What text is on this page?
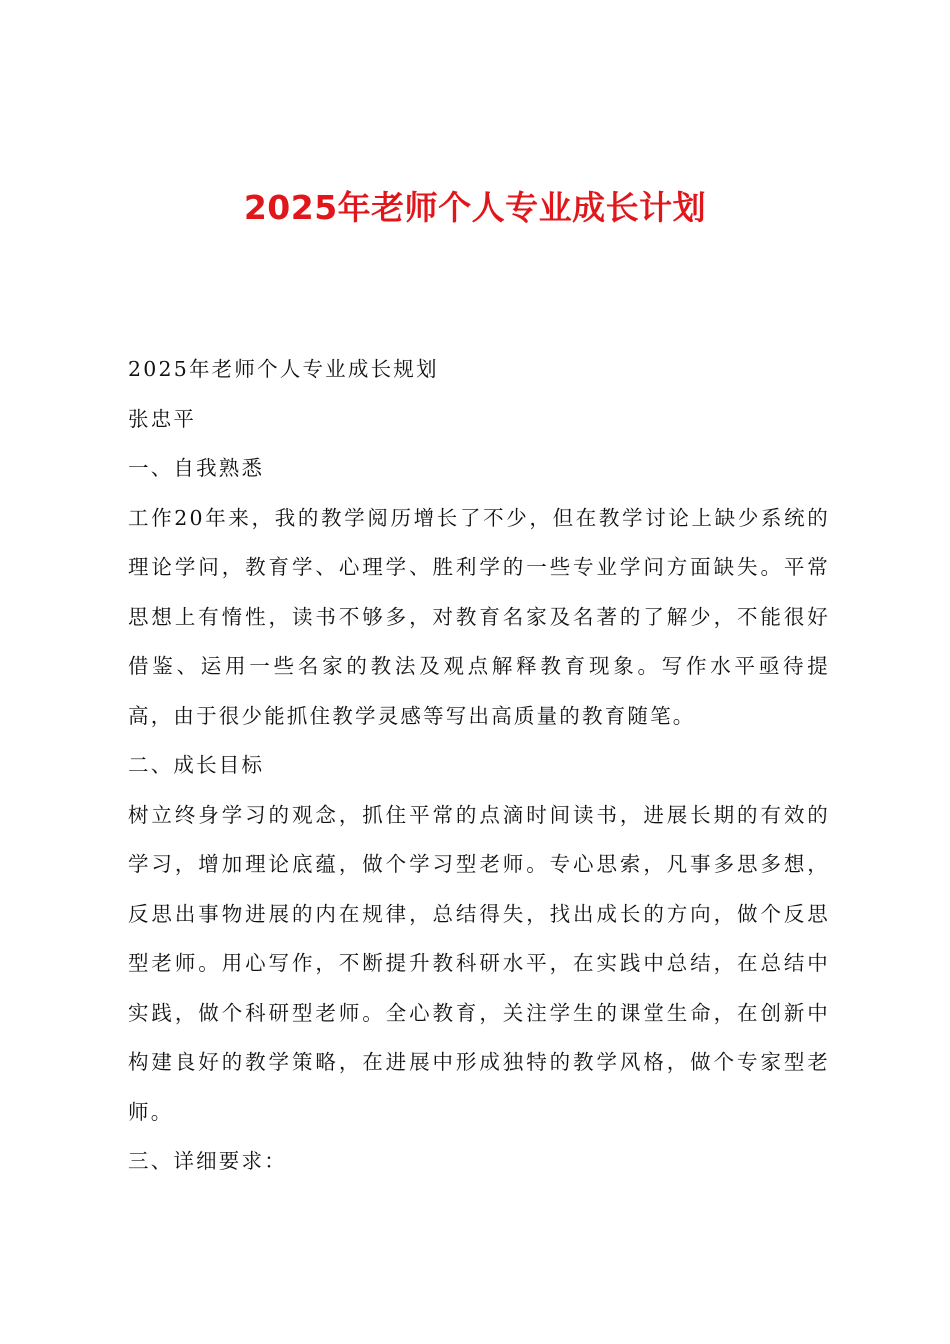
2025年老师个人专业成长计划

2025年老师个人专业成长规划

张忠平

一、自我熟悉

工作20年来，我的教学阅历增长了不少，但在教学讨论上缺少系统的理论学问，教育学、心理学、胜利学的一些专业学问方面缺失。平常思想上有惰性，读书不够多，对教育名家及名著的了解少，不能很好借鉴、运用一些名家的教法及观点解释教育现象。写作水平亟待提高，由于很少能抓住教学灵感等写出高质量的教育随笔。

二、成长目标

树立终身学习的观念，抓住平常的点滴时间读书，进展长期的有效的学习，增加理论底蕴，做个学习型老师。专心思索，凡事多思多想，反思出事物进展的内在规律，总结得失，找出成长的方向，做个反思型老师。用心写作，不断提升教科研水平，在实践中总结，在总结中实践，做个科研型老师。全心教育，关注学生的课堂生命，在创新中构建良好的教学策略，在进展中形成独特的教学风格，做个专家型老师。

三、详细要求：
